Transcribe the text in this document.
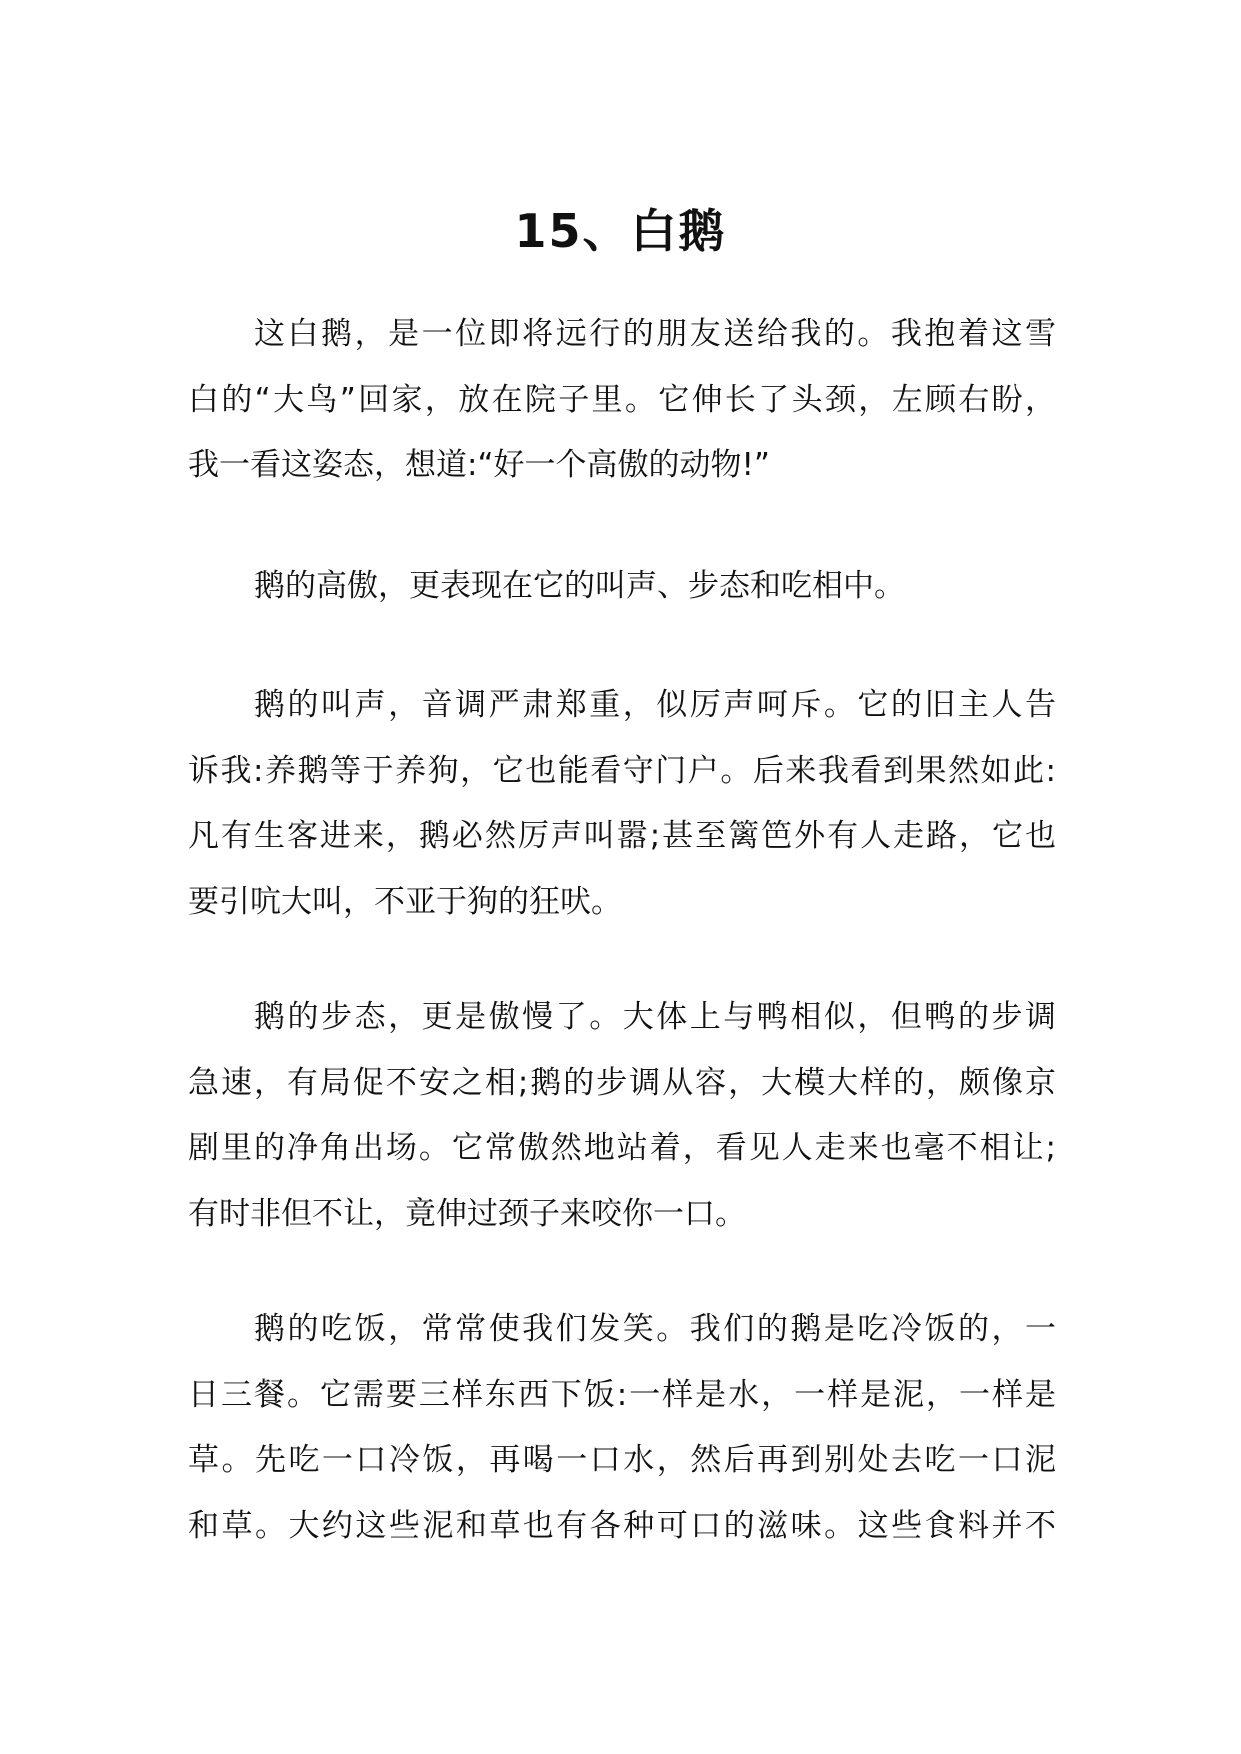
15、白鹅
这白鹅，是一位即将远行的朋友送给我的。我抱着这雪
白的“大鸟”回家，放在院子里。它伸长了头颈，左顾右盼，
我一看这姿态，想道:“好一个高傲的动物!”
鹅的高傲，更表现在它的叫声、步态和吃相中。
鹅的叫声，音调严肃郑重，似厉声呵斥。它的旧主人告
诉我:养鹅等于养狗，它也能看守门户。后来我看到果然如此:
凡有生客进来，鹅必然厉声叫嚣;甚至篱笆外有人走路，它也
要引吭大叫，不亚于狗的狂吠。
鹅的步态，更是傲慢了。大体上与鸭相似，但鸭的步调
急速，有局促不安之相;鹅的步调从容，大模大样的，颇像京
剧里的净角出场。它常傲然地站着，看见人走来也毫不相让;
有时非但不让，竟伸过颈子来咬你一口。
鹅的吃饭，常常使我们发笑。我们的鹅是吃冷饭的，一
日三餐。它需要三样东西下饭:一样是水，一样是泥，一样是
草。先吃一口冷饭，再喝一口水，然后再到别处去吃一口泥
和草。大约这些泥和草也有各种可口的滋味。这些食料并不
